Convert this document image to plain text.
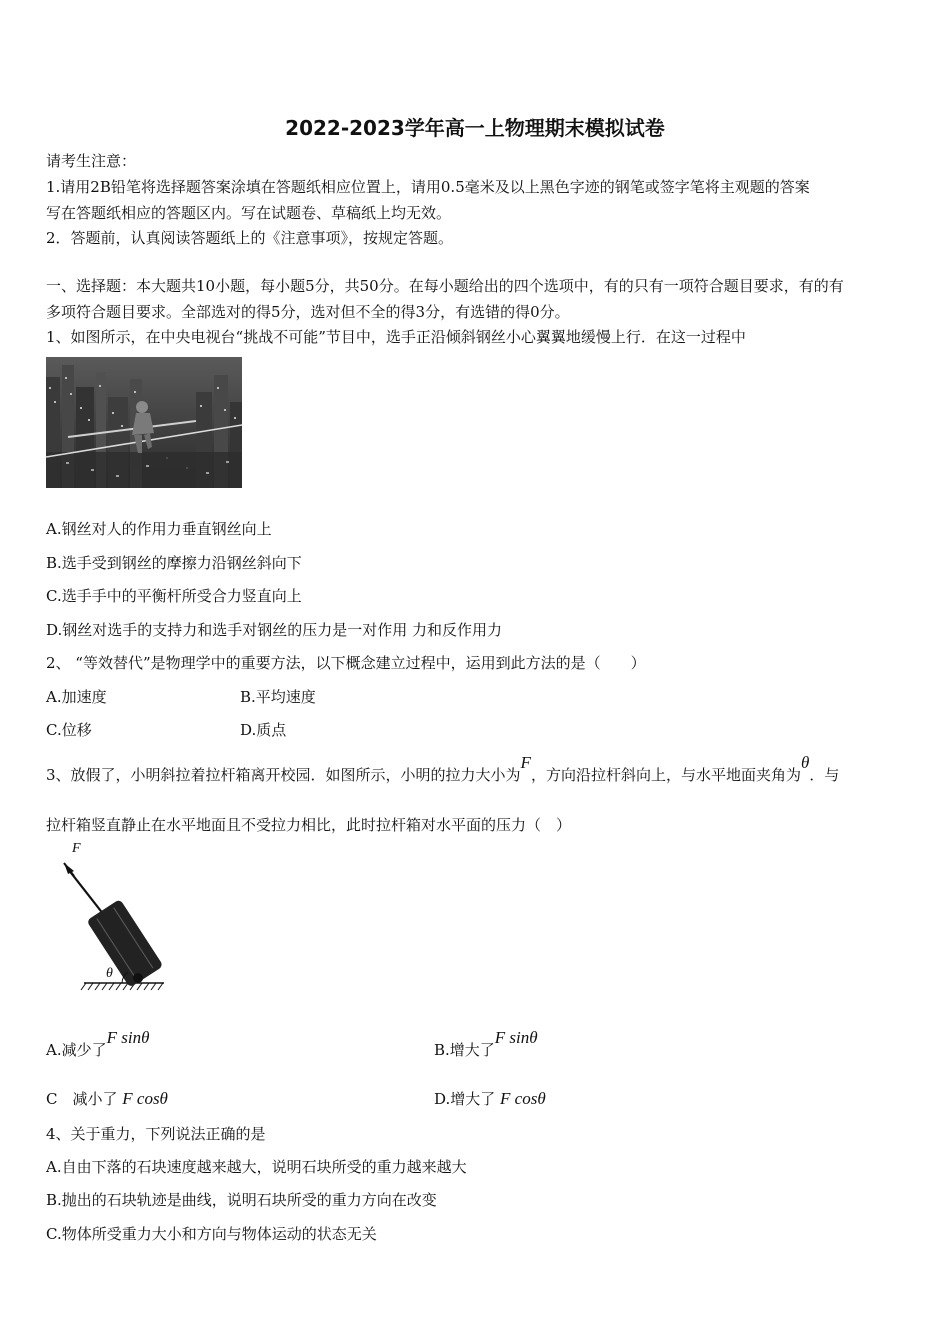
2022-2023学年高一上物理期末模拟试卷
请考生注意：
1.请用2B铅笔将选择题答案涂填在答题纸相应位置上，请用0.5毫米及以上黑色字迹的钢笔或签字笔将主观题的答案
写在答题纸相应的答题区内。写在试题卷、草稿纸上均无效。
2．答题前，认真阅读答题纸上的《注意事项》，按规定答题。
一、选择题：本大题共10小题，每小题5分，共50分。在每小题给出的四个选项中，有的只有一项符合题目要求，有的有
多项符合题目要求。全部选对的得5分，选对但不全的得3分，有选错的得0分。
1、如图所示，在中央电视台“挑战不可能”节目中，选手正沿倾斜钢丝小心翼翼地缓慢上行．在这一过程中
A.钢丝对人的作用力垂直钢丝向上
B.选手受到钢丝的摩擦力沿钢丝斜向下
C.选手手中的平衡杆所受合力竖直向上
D.钢丝对选手的支持力和选手对钢丝的压力是一对作用 力和反作用力
2、 “等效替代”是物理学中的重要方法，以下概念建立过程中，运用到此方法的是（　　）
A.加速度	B.平均速度
C.位移	D.质点
3、放假了，小明斜拉着拉杆箱离开校园．如图所示，小明的拉力大小为F，方向沿拉杆斜向上，与水平地面夹角为θ．与
拉杆箱竖直静止在水平地面且不受拉力相比，此时拉杆箱对水平面的压力（　）
F
θ
A.减少了F sinθ
B.增大了F sinθ
C　减小了 F cosθ	D.增大了 F cosθ
4、关于重力，下列说法正确的是
A.自由下落的石块速度越来越大，说明石块所受的重力越来越大
B.抛出的石块轨迹是曲线，说明石块所受的重力方向在改变
C.物体所受重力大小和方向与物体运动的状态无关
